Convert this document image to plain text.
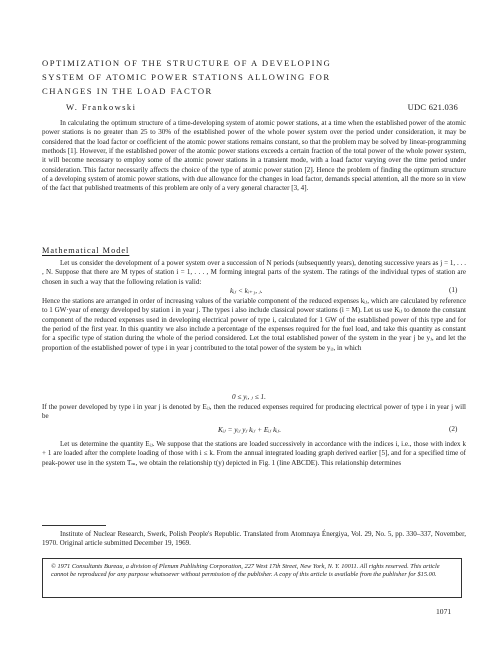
OPTIMIZATION OF THE STRUCTURE OF A DEVELOPING
SYSTEM OF ATOMIC POWER STATIONS ALLOWING FOR
CHANGES IN THE LOAD FACTOR
W. Frankowski	UDC 621.036

In calculating the optimum structure of a time-developing system of atomic power stations, at a time when the established power of the atomic power stations is no greater than 25 to 30% of the established power of the whole power system over the period under consideration, it may be considered that the load factor or coefficient of the atomic power stations remains constant, so that the problem may be solved by linear-programming methods [1]. However, if the established power of the atomic power stations exceeds a certain fraction of the total power of the whole power system, it will become necessary to employ some of the atomic power stations in a transient mode, with a load factor varying over the time period under consideration. This factor necessarily affects the choice of the type of atomic power station [2]. Hence the problem of finding the optimum structure of a developing system of atomic power stations, with due allowance for the changes in load factor, demands special attention, all the more so in view of the fact that published treatments of this problem are only of a very general character [3, 4].

Mathematical Model

Let us consider the development of a power system over a succession of N periods (subsequently years), denoting successive years as j = 1, . . . , N. Suppose that there are M types of station i = 1, . . . , M forming integral parts of the system. The ratings of the individual types of station are chosen in such a way that the following relation is valid:

kᵢⱼ < kᵢ₊₁, ⱼ.	(1)

Hence the stations are arranged in order of increasing values of the variable component of the reduced expenses kᵢⱼ, which are calculated by reference to 1 GW·year of energy developed by station i in year j. The types i also include classical power stations (i = M). Let us use Kᵢⱼ to denote the constant component of the reduced expenses used in developing electrical power of type i, calculated for 1 GW of the established power of this type and for the period of the first year. In this quantity we also include a percentage of the expenses required for the fuel load, and take this quantity as constant for a specific type of station during the whole of the period considered. Let the total established power of the system in the year j be yⱼ, and let the proportion of the established power of type i in year j contributed to the total power of the system be yᵢⱼ, in which

0 ≤ yᵢ, ⱼ ≤ 1.

If the power developed by type i in year j is denoted by Eᵢⱼ, then the reduced expenses required for producing electrical power of type i in year j will be

Kᵢⱼ = yᵢⱼ yⱼ kᵢⱼ + Eᵢⱼ kᵢⱼ.	(2)

Let us determine the quantity Eᵢⱼ. We suppose that the stations are loaded successively in accordance with the indices i, i.e., those with index k + 1 are loaded after the complete loading of those with i ≤ k. From the annual integrated loading graph derived earlier [5], and for a specified time of peak-power use in the system Tₘ, we obtain the relationship t(y) depicted in Fig. 1 (line ABCDE). This relationship determines

Institute of Nuclear Research, Swerk, Polish People's Republic. Translated from Atomnaya Énergiya, Vol. 29, No. 5, pp. 330–337, November, 1970. Original article submitted December 19, 1969.

© 1971 Consultants Bureau, a division of Plenum Publishing Corporation, 227 West 17th Street, New York, N. Y. 10011. All rights reserved. This article cannot be reproduced for any purpose whatsoever without permission of the publisher. A copy of this article is available from the publisher for $15.00.
1071
